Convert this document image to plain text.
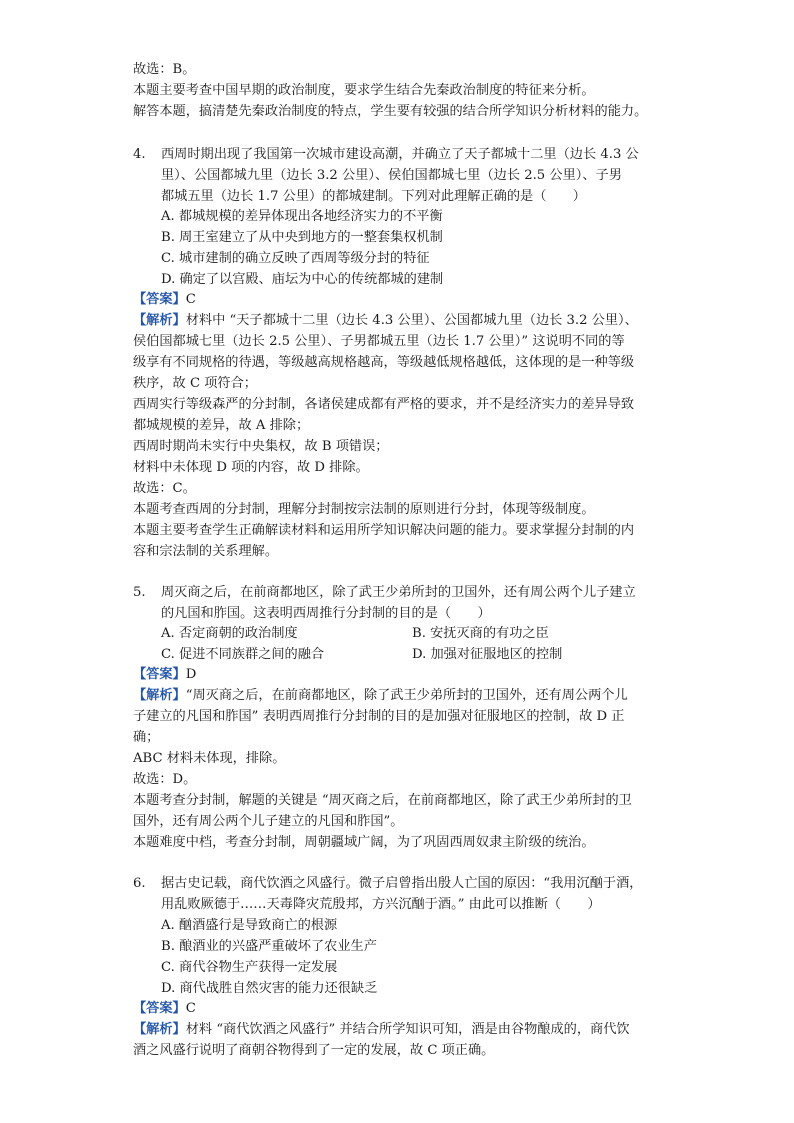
故选：B。
本题主要考查中国早期的政治制度，要求学生结合先秦政治制度的特征来分析。
解答本题，搞清楚先秦政治制度的特点，学生要有较强的结合所学知识分析材料的能力。
4. 西周时期出现了我国第一次城市建设高潮，并确立了天子都城十二里（边长 4.3 公
里）、公国都城九里（边长 3.2 公里）、侯伯国都城七里（边长 2.5 公里）、子男
都城五里（边长 1.7 公里）的都城建制。下列对此理解正确的是（　　）
A. 都城规模的差异体现出各地经济实力的不平衡
B. 周王室建立了从中央到地方的一整套集权机制
C. 城市建制的确立反映了西周等级分封的特征
D. 确定了以宫殿、庙坛为中心的传统都城的建制
【答案】C
【解析】材料中 “天子都城十二里（边长 4.3 公里）、公国都城九里（边长 3.2 公里）、
侯伯国都城七里（边长 2.5 公里）、子男都城五里（边长 1.7 公里）” 这说明不同的等
级享有不同规格的待遇，等级越高规格越高，等级越低规格越低，这体现的是一种等级
秩序，故 C 项符合；
西周实行等级森严的分封制，各诸侯建成都有严格的要求，并不是经济实力的差异导致
都城规模的差异，故 A 排除；
西周时期尚未实行中央集权，故 B 项错误；
材料中未体现 D 项的内容，故 D 排除。
故选：C。
本题考查西周的分封制，理解分封制按宗法制的原则进行分封，体现等级制度。
本题主要考查学生正确解读材料和运用所学知识解决问题的能力。要求掌握分封制的内
容和宗法制的关系理解。
5. 周灭商之后，在前商都地区，除了武王少弟所封的卫国外，还有周公两个儿子建立
的凡国和胙国。这表明西周推行分封制的目的是（　　）
A. 否定商朝的政治制度	B. 安抚灭商的有功之臣
C. 促进不同族群之间的融合	D. 加强对征服地区的控制
【答案】D
【解析】“周灭商之后，在前商都地区，除了武王少弟所封的卫国外，还有周公两个儿
子建立的凡国和胙国” 表明西周推行分封制的目的是加强对征服地区的控制，故 D 正
确；
ABC 材料未体现，排除。
故选：D。
本题考查分封制，解题的关键是 “周灭商之后，在前商都地区，除了武王少弟所封的卫
国外，还有周公两个儿子建立的凡国和胙国”。
本题难度中档，考查分封制，周朝疆域广阔，为了巩固西周奴隶主阶级的统治。
6. 据古史记载，商代饮酒之风盛行。微子启曾指出殷人亡国的原因：“我用沉酗于酒，
用乱败厥德于……天毒降灾荒殷邦，方兴沉酗于酒。” 由此可以推断（　　）
A. 酗酒盛行是导致商亡的根源
B. 酿酒业的兴盛严重破坏了农业生产
C. 商代谷物生产获得一定发展
D. 商代战胜自然灾害的能力还很缺乏
【答案】C
【解析】材料 “商代饮酒之风盛行” 并结合所学知识可知，酒是由谷物酿成的，商代饮
酒之风盛行说明了商朝谷物得到了一定的发展，故 C 项正确。
